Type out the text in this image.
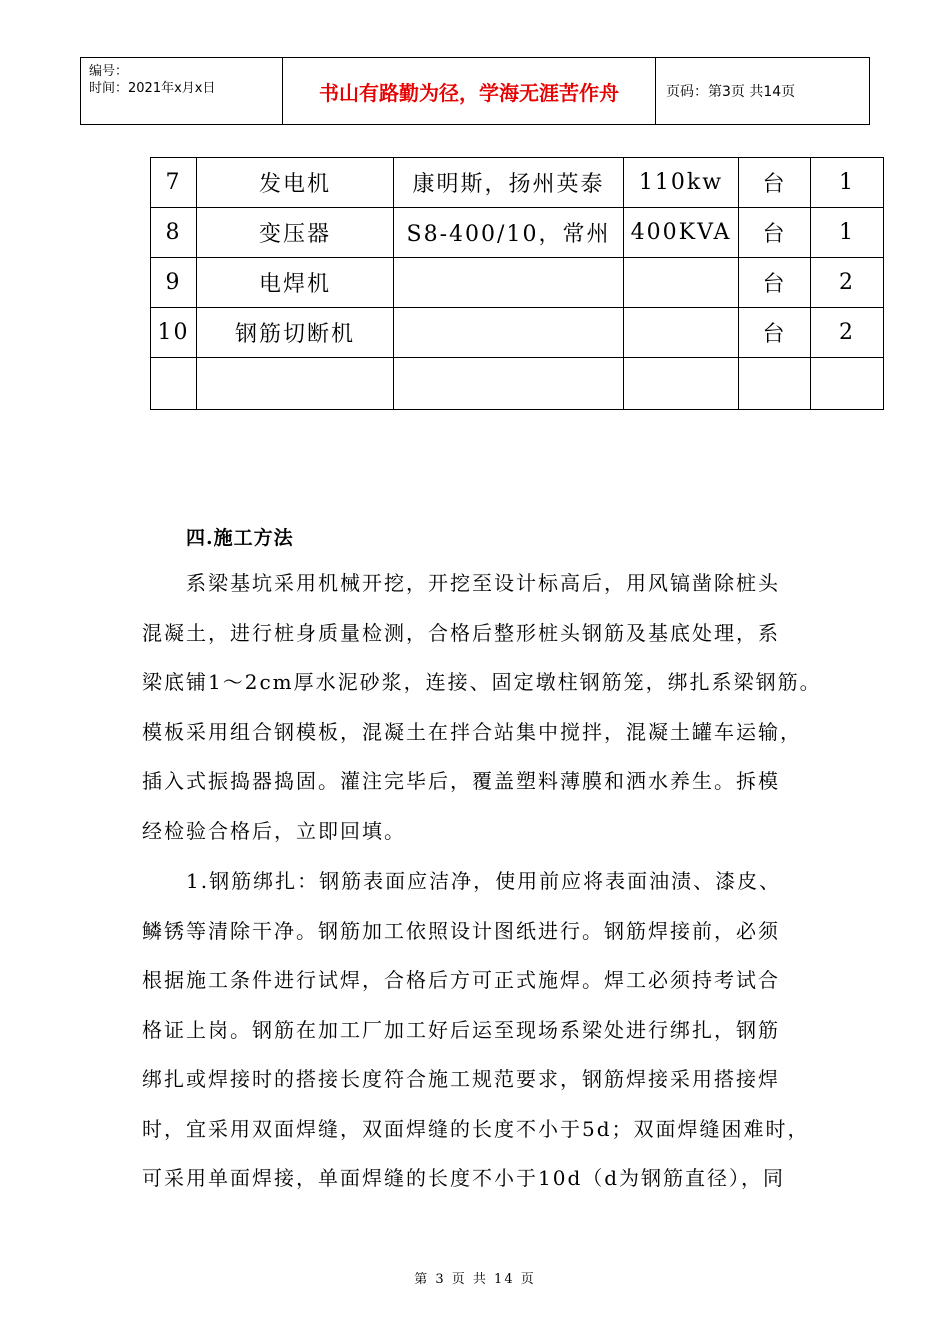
编号：
时间：2021年x月x日	书山有路勤为径，学海无涯苦作舟	页码：第3页 共14页
7	发电机	康明斯，扬州英泰	110kw	台	1
8	变压器	S8-400/10，常州	400KVA	台	1
9	电焊机			台	2
10	钢筋切断机			台	2

四.施工方法
系梁基坑采用机械开挖，开挖至设计标高后，用风镐凿除桩头
混凝土，进行桩身质量检测，合格后整形桩头钢筋及基底处理，系
梁底铺1～2cm厚水泥砂浆，连接、固定墩柱钢筋笼，绑扎系梁钢筋。
模板采用组合钢模板，混凝土在拌合站集中搅拌，混凝土罐车运输，
插入式振捣器捣固。灌注完毕后，覆盖塑料薄膜和洒水养生。拆模
经检验合格后，立即回填。
1.钢筋绑扎：钢筋表面应洁净，使用前应将表面油渍、漆皮、
鳞锈等清除干净。钢筋加工依照设计图纸进行。钢筋焊接前，必须
根据施工条件进行试焊，合格后方可正式施焊。焊工必须持考试合
格证上岗。钢筋在加工厂加工好后运至现场系梁处进行绑扎，钢筋
绑扎或焊接时的搭接长度符合施工规范要求，钢筋焊接采用搭接焊
时，宜采用双面焊缝，双面焊缝的长度不小于5d；双面焊缝困难时，
可采用单面焊接，单面焊缝的长度不小于10d（d为钢筋直径），同
第 3 页 共 14 页
